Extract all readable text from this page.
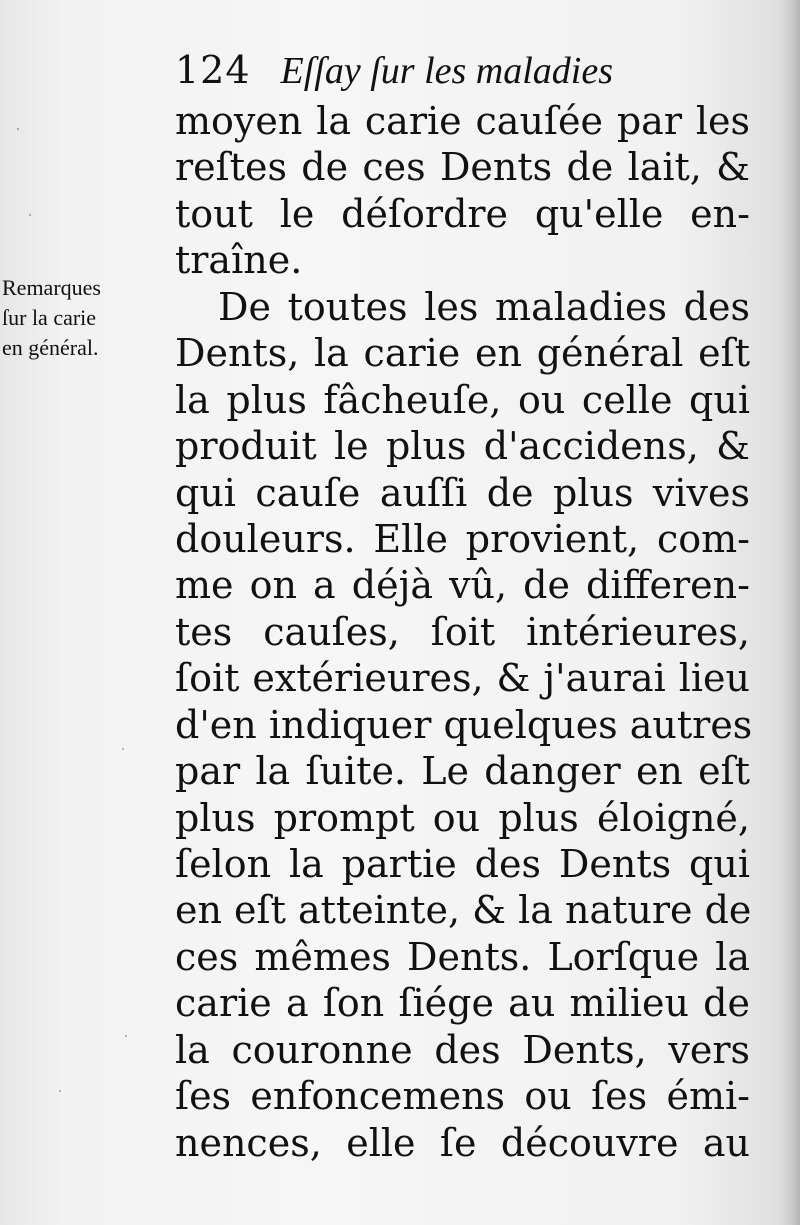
124 Eſſay ſur les maladies
Remarques
ſur la carie
en général.
moyen la carie cauſée par les
reſtes de ces Dents de lait, &
tout le déſordre qu'elle en-
traîne.
De toutes les maladies des
Dents, la carie en général eſt
la plus fâcheuſe, ou celle qui
produit le plus d'accidens, &
qui cauſe auſſi de plus vives
douleurs. Elle provient, com-
me on a déjà vû, de differen-
tes cauſes, ſoit intérieures,
ſoit extérieures, & j'aurai lieu
d'en indiquer quelques autres
par la ſuite. Le danger en eſt
plus prompt ou plus éloigné,
ſelon la partie des Dents qui
en eſt atteinte, & la nature de
ces mêmes Dents. Lorſque la
carie a ſon ſiége au milieu de
la couronne des Dents, vers
ſes enfoncemens ou ſes émi-
nences, elle ſe découvre au
